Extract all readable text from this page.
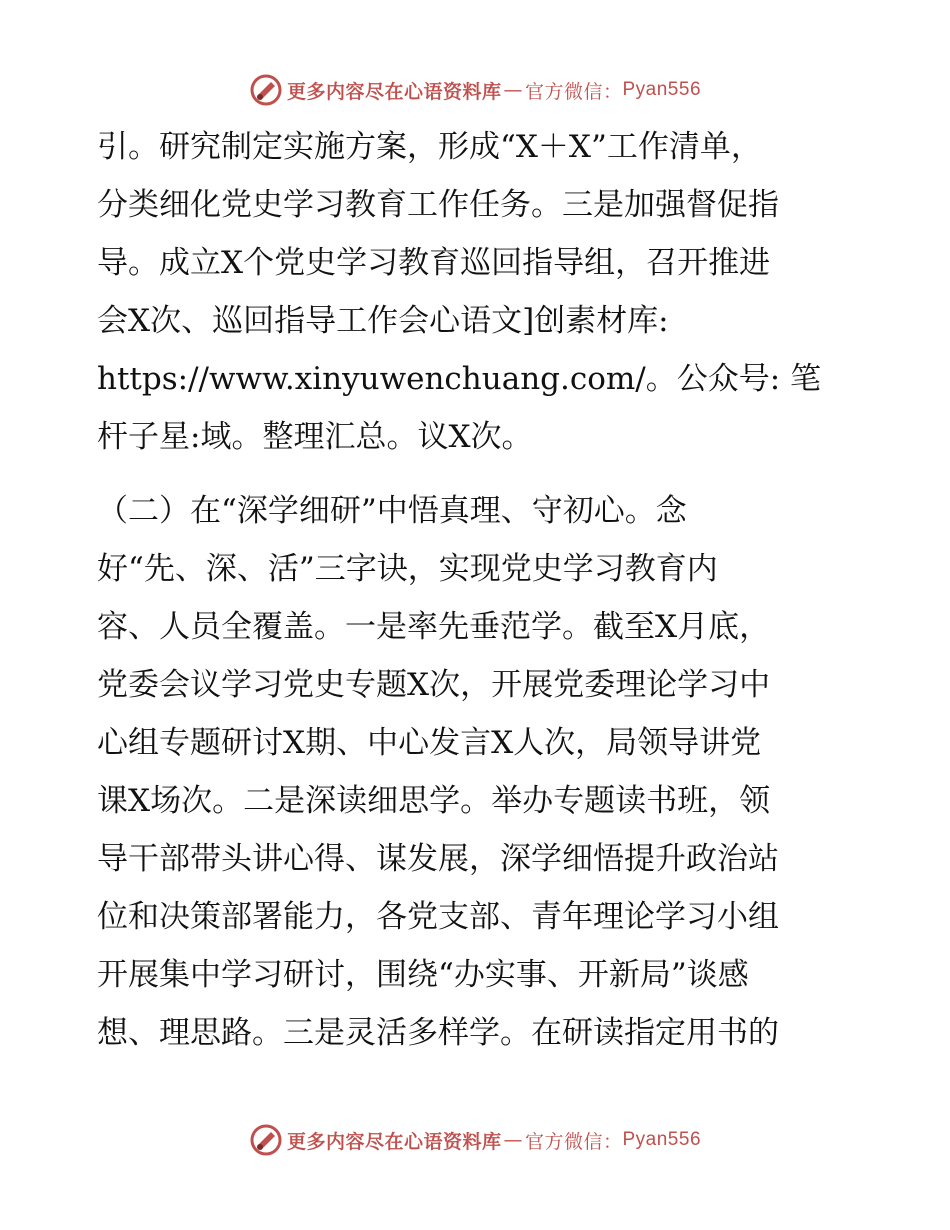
更多内容尽在心语资料库 — 官方微信： Pyan556
引。研究制定实施方案，形成“X＋X”工作清单，
分类细化党史学习教育工作任务。三是加强督促指
导。成立X个党史学习教育巡回指导组，召开推进
会X次、巡回指导工作会心语文]创素材库:
https://www.xinyuwenchuang.com/。公众号: 笔
杆子星:域。整理汇总。议X次。
（二）在“深学细研”中悟真理、守初心。念
好“先、深、活”三字诀，实现党史学习教育内
容、人员全覆盖。一是率先垂范学。截至X月底，
党委会议学习党史专题X次，开展党委理论学习中
心组专题研讨X期、中心发言X人次，局领导讲党
课X场次。二是深读细思学。举办专题读书班，领
导干部带头讲心得、谋发展，深学细悟提升政治站
位和决策部署能力，各党支部、青年理论学习小组
开展集中学习研讨，围绕“办实事、开新局”谈感
想、理思路。三是灵活多样学。在研读指定用书的
更多内容尽在心语资料库 — 官方微信： Pyan556
